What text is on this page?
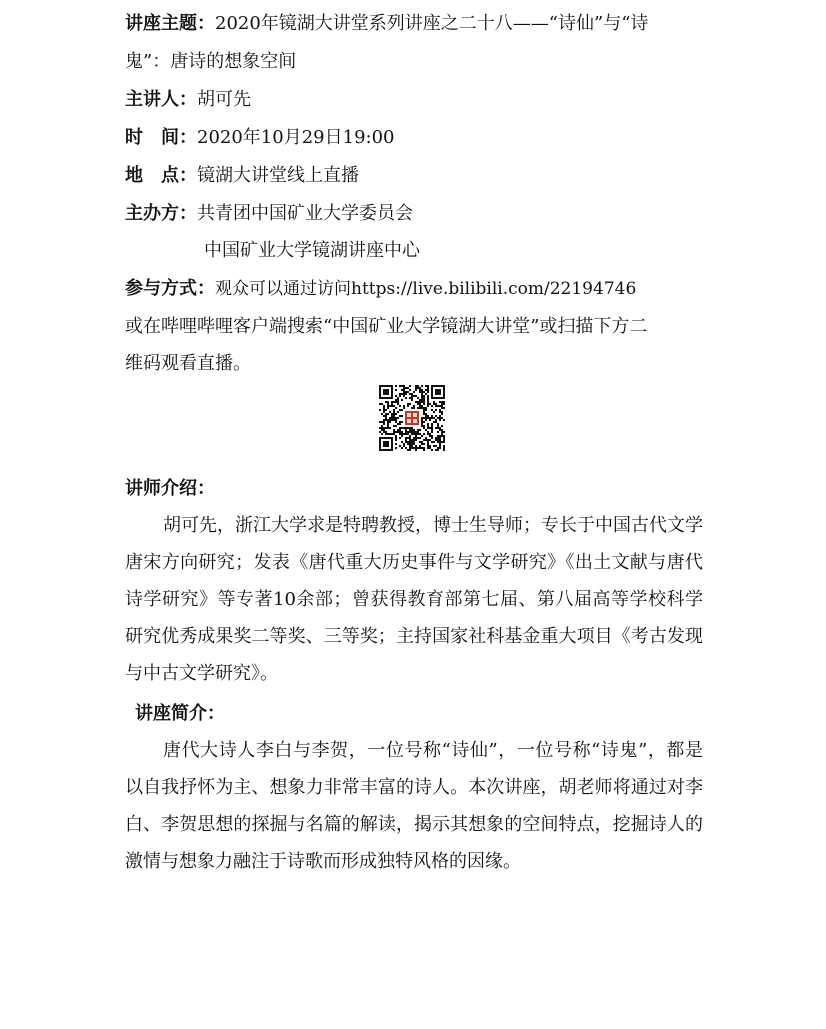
讲座主题：2020年镜湖大讲堂系列讲座之二十八——“诗仙”与“诗
鬼”：唐诗的想象空间
主讲人：胡可先
时　间：2020年10月29日19:00
地　点：镜湖大讲堂线上直播
主办方：共青团中国矿业大学委员会
中国矿业大学镜湖讲座中心
参与方式：观众可以通过访问https://live.bilibili.com/22194746
或在哔哩哔哩客户端搜索“中国矿业大学镜湖大讲堂”或扫描下方二
维码观看直播。
讲师介绍：
胡可先，浙江大学求是特聘教授，博士生导师；专长于中国古代文学唐宋方向研究；发表《唐代重大历史事件与文学研究》《出土文献与唐代诗学研究》等专著10余部；曾获得教育部第七届、第八届高等学校科学研究优秀成果奖二等奖、三等奖；主持国家社科基金重大项目《考古发现与中古文学研究》。
讲座简介：
唐代大诗人李白与李贺，一位号称“诗仙”，一位号称“诗鬼”，都是以自我抒怀为主、想象力非常丰富的诗人。本次讲座，胡老师将通过对李白、李贺思想的探掘与名篇的解读，揭示其想象的空间特点，挖掘诗人的激情与想象力融注于诗歌而形成独特风格的因缘。
